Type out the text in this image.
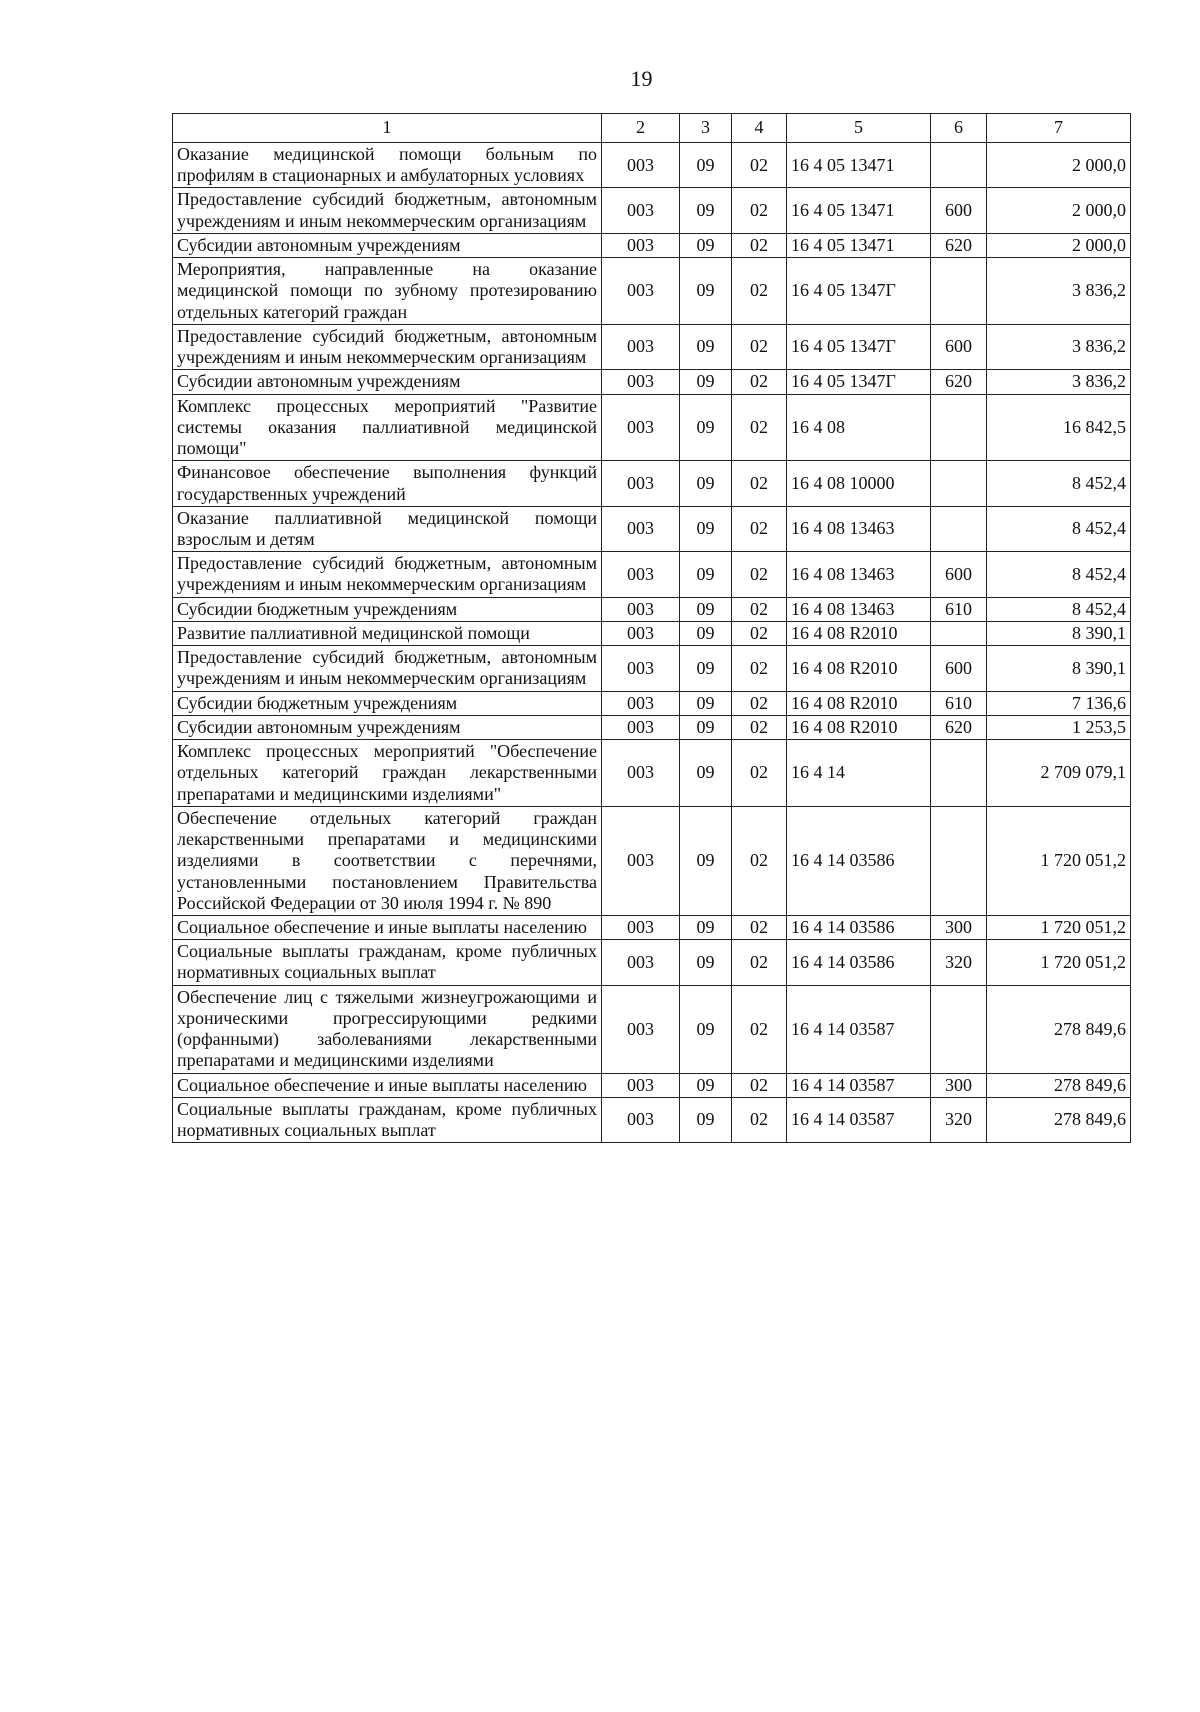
19
1	2	3	4	5	6	7
Оказание медицинской помощи больным по профилям в стационарных и амбулаторных условиях	003	09	02	16 4 05 13471		2 000,0
Предоставление субсидий бюджетным, автономным учреждениям и иным некоммерческим организациям	003	09	02	16 4 05 13471	600	2 000,0
Субсидии автономным учреждениям	003	09	02	16 4 05 13471	620	2 000,0
Мероприятия, направленные на оказание медицинской помощи по зубному протезированию отдельных категорий граждан	003	09	02	16 4 05 1347Г		3 836,2
Предоставление субсидий бюджетным, автономным учреждениям и иным некоммерческим организациям	003	09	02	16 4 05 1347Г	600	3 836,2
Субсидии автономным учреждениям	003	09	02	16 4 05 1347Г	620	3 836,2
Комплекс процессных мероприятий "Развитие системы оказания паллиативной медицинской помощи"	003	09	02	16 4 08		16 842,5
Финансовое обеспечение выполнения функций государственных учреждений	003	09	02	16 4 08 10000		8 452,4
Оказание паллиативной медицинской помощи взрослым и детям	003	09	02	16 4 08 13463		8 452,4
Предоставление субсидий бюджетным, автономным учреждениям и иным некоммерческим организациям	003	09	02	16 4 08 13463	600	8 452,4
Субсидии бюджетным учреждениям	003	09	02	16 4 08 13463	610	8 452,4
Развитие паллиативной медицинской помощи	003	09	02	16 4 08 R2010		8 390,1
Предоставление субсидий бюджетным, автономным учреждениям и иным некоммерческим организациям	003	09	02	16 4 08 R2010	600	8 390,1
Субсидии бюджетным учреждениям	003	09	02	16 4 08 R2010	610	7 136,6
Субсидии автономным учреждениям	003	09	02	16 4 08 R2010	620	1 253,5
Комплекс процессных мероприятий "Обеспечение отдельных категорий граждан лекарственными препаратами и медицинскими изделиями"	003	09	02	16 4 14		2 709 079,1
Обеспечение отдельных категорий граждан лекарственными препаратами и медицинскими изделиями в соответствии с перечнями, установленными постановлением Правительства Российской Федерации от 30 июля 1994 г. № 890	003	09	02	16 4 14 03586		1 720 051,2
Социальное обеспечение и иные выплаты населению	003	09	02	16 4 14 03586	300	1 720 051,2
Социальные выплаты гражданам, кроме публичных нормативных социальных выплат	003	09	02	16 4 14 03586	320	1 720 051,2
Обеспечение лиц с тяжелыми жизнеугрожающими и хроническими прогрессирующими редкими (орфанными) заболеваниями лекарственными препаратами и медицинскими изделиями	003	09	02	16 4 14 03587		278 849,6
Социальное обеспечение и иные выплаты населению	003	09	02	16 4 14 03587	300	278 849,6
Социальные выплаты гражданам, кроме публичных нормативных социальных выплат	003	09	02	16 4 14 03587	320	278 849,6
